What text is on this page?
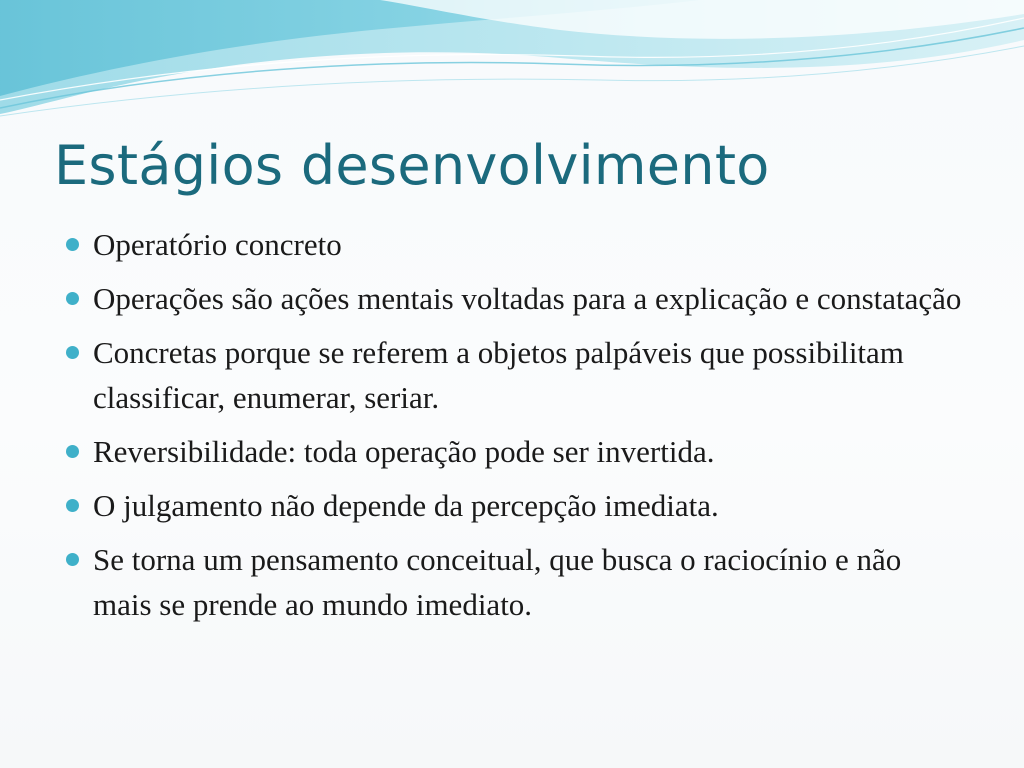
Estágios desenvolvimento
Operatório concreto
Operações são ações mentais voltadas para a explicação e constatação
Concretas porque se referem a objetos palpáveis que possibilitam classificar, enumerar, seriar.
Reversibilidade: toda operação pode ser invertida.
O julgamento não depende da percepção imediata.
Se torna um pensamento conceitual, que busca o raciocínio e não mais se prende ao mundo imediato.
